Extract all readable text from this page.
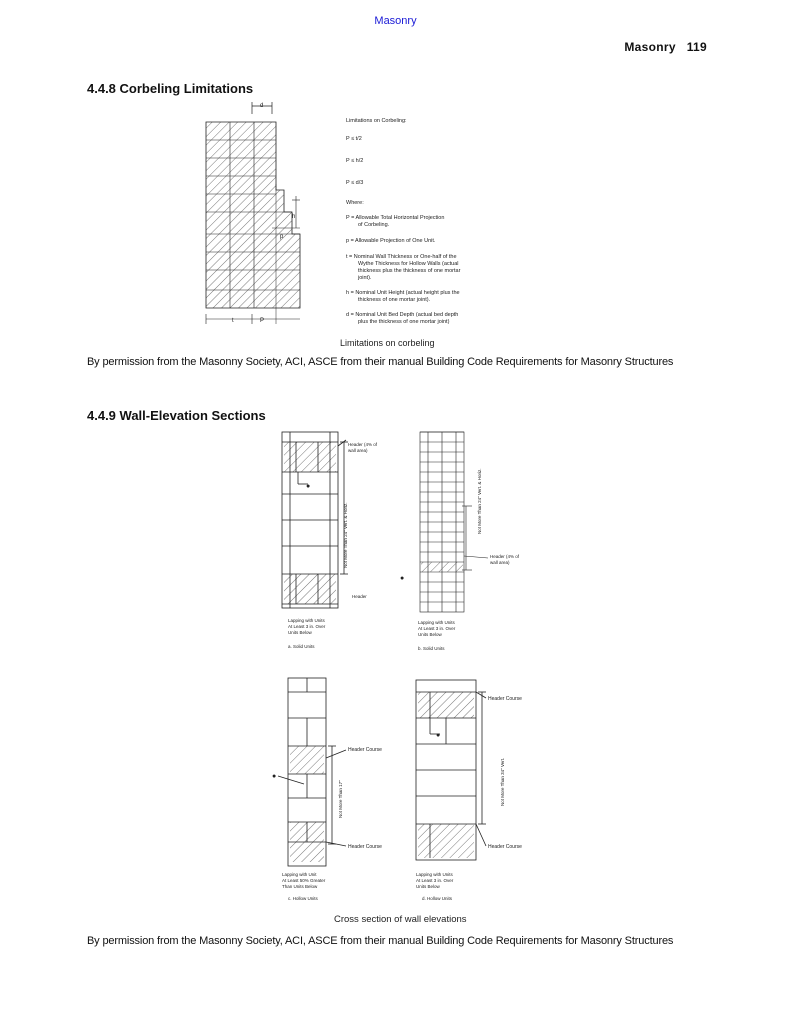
Masonry
Masonry 119
4.4.8 Corbeling Limitations
d
h
p
t	P
Limitations on Corbeling:
P ≤ t/2
P ≤ h/2
P ≤ d/3
Where:
P = Allowable Total Horizontal Projection
of Corbeling.
p = Allowable Projection of One Unit.
t = Nominal Wall Thickness or One-half of the
Wythe Thickness for Hollow Walls (actual
thickness plus the thickness of one mortar
joint).
h = Nominal Unit Height (actual height plus the
thickness of one mortar joint).
d = Nominal Unit Bed Depth (actual bed depth
plus the thickness of one mortar joint)
Limitations on corbeling
By permission from the Masonny Society, ACI, ASCE from their manual Building Code Requirements for Masonry Structures
4.4.9 Wall-Elevation Sections
●
Header (4% of
wall area)
Not More Than 24" Vert. & Horiz.
Header
Lapping with Units
At Least 3 in. Over
Units Below
a. Solid Units
Not More Than 24" Vert. & Horiz.
Header (4% of
wall area)
Lapping with Units
At Least 3 in. Over
Units Below
b. Solid Units
●
●
Header Course
Not More Than 17"
Header Course
Lapping with Unit
At Least 50% Greater
Than Units Below
c. Hollow Units
●
Header Course
Not More Than 34" Vert.
Header Course
Lapping with Units
At Least 3 in. Over
Units Below
d. Hollow Units
Cross section of wall elevations
By permission from the Masonny Society, ACI, ASCE from their manual Building Code Requirements for Masonry Structures
